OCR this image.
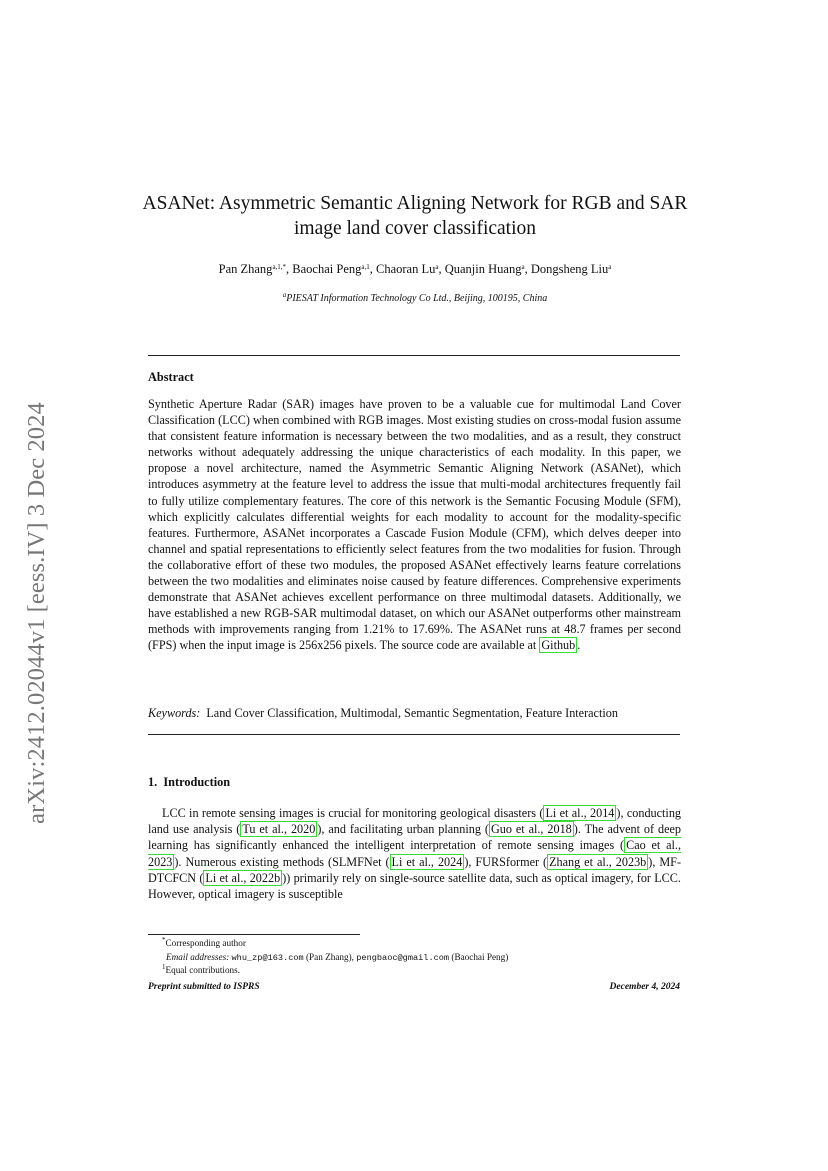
arXiv:2412.02044v1 [eess.IV] 3 Dec 2024
ASANet: Asymmetric Semantic Aligning Network for RGB and SAR image land cover classification
Pan Zhang$^{a,1,*}$, Baochai Peng$^{a,1}$, Chaoran Lu$^a$, Quanjin Huang$^a$, Dongsheng Liu$^a$
$^a$PIESAT Information Technology Co Ltd., Beijing, 100195, China
Abstract
Synthetic Aperture Radar (SAR) images have proven to be a valuable cue for multimodal Land Cover Classification (LCC) when combined with RGB images. Most existing studies on cross-modal fusion assume that consistent feature information is necessary between the two modalities, and as a result, they construct networks without adequately addressing the unique characteristics of each modality. In this paper, we propose a novel architecture, named the Asymmetric Semantic Aligning Network (ASANet), which introduces asymmetry at the feature level to address the issue that multi-modal architectures frequently fail to fully utilize complementary features. The core of this network is the Semantic Focusing Module (SFM), which explicitly calculates differential weights for each modality to account for the modality-specific features. Furthermore, ASANet incorporates a Cascade Fusion Module (CFM), which delves deeper into channel and spatial representations to efficiently select features from the two modalities for fusion. Through the collaborative effort of these two modules, the proposed ASANet effectively learns feature correlations between the two modalities and eliminates noise caused by feature differences. Comprehensive experiments demonstrate that ASANet achieves excellent performance on three multimodal datasets. Additionally, we have established a new RGB-SAR multimodal dataset, on which our ASANet outperforms other mainstream methods with improvements ranging from 1.21% to 17.69%. The ASANet runs at 48.7 frames per second (FPS) when the input image is 256x256 pixels. The source code are available at Github .
Keywords: Land Cover Classification, Multimodal, Semantic Segmentation, Feature Interaction
1. Introduction
LCC in remote sensing images is crucial for monitoring geological disasters ( Li et al., 2014 ), conducting land use analysis ( Tu et al., 2020 ), and facilitating urban planning ( Guo et al., 2018 ). The advent of deep learning has significantly enhanced the intelligent interpretation of remote sensing images ( Cao et al., 2023 ). Numerous existing methods (SLMFNet ( Li et al., 2024 ), FURSformer ( Zhang et al., 2023b ), MF-DTCFCN ( Li et al., 2022b )) primarily rely on single-source satellite data, such as optical imagery, for LCC. However, optical imagery is susceptible
*Corresponding author
Email addresses: whu_zp@163.com (Pan Zhang), pengbaoc@gmail.com (Baochai Peng)
$^1$Equal contributions.
Preprint submitted to ISPRS	December 4, 2024
